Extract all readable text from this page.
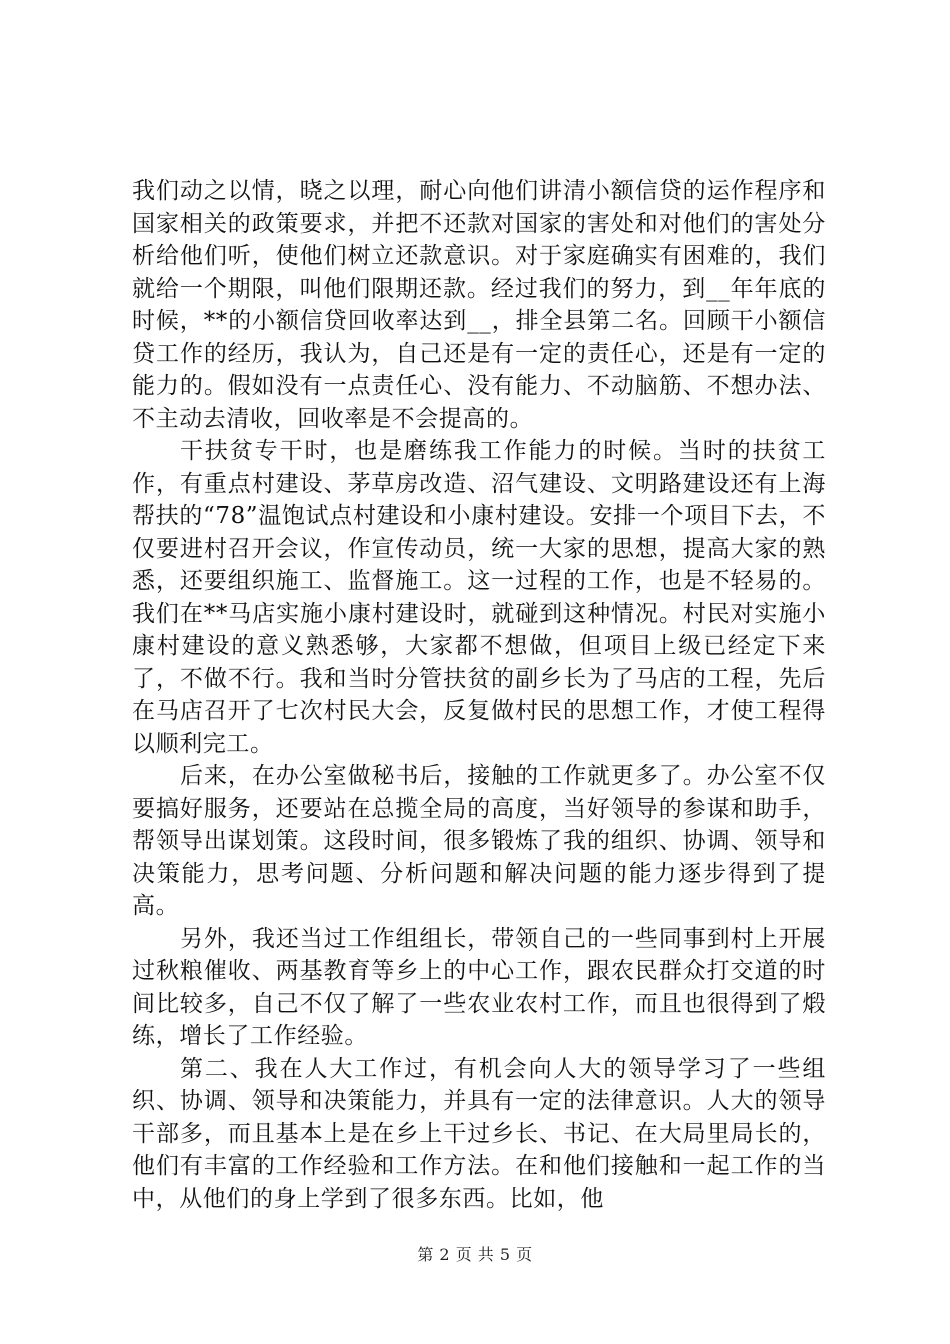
我们动之以情，晓之以理，耐心向他们讲清小额信贷的运作程序和国家相关的政策要求，并把不还款对国家的害处和对他们的害处分析给他们听，使他们树立还款意识。对于家庭确实有困难的，我们就给一个期限，叫他们限期还款。经过我们的努力，到__年年底的时候，**的小额信贷回收率达到__，排全县第二名。回顾干小额信贷工作的经历，我认为，自己还是有一定的责任心，还是有一定的能力的。假如没有一点责任心、没有能力、不动脑筋、不想办法、不主动去清收，回收率是不会提高的。

干扶贫专干时，也是磨练我工作能力的时候。当时的扶贫工作，有重点村建设、茅草房改造、沼气建设、文明路建设还有上海帮扶的“78”温饱试点村建设和小康村建设。安排一个项目下去，不仅要进村召开会议，作宣传动员，统一大家的思想，提高大家的熟悉，还要组织施工、监督施工。这一过程的工作，也是不轻易的。我们在**马店实施小康村建设时，就碰到这种情况。村民对实施小康村建设的意义熟悉够，大家都不想做，但项目上级已经定下来了，不做不行。我和当时分管扶贫的副乡长为了马店的工程，先后在马店召开了七次村民大会，反复做村民的思想工作，才使工程得以顺利完工。

后来，在办公室做秘书后，接触的工作就更多了。办公室不仅要搞好服务，还要站在总揽全局的高度，当好领导的参谋和助手，帮领导出谋划策。这段时间，很多锻炼了我的组织、协调、领导和决策能力，思考问题、分析问题和解决问题的能力逐步得到了提高。

另外，我还当过工作组组长，带领自己的一些同事到村上开展过秋粮催收、两基教育等乡上的中心工作，跟农民群众打交道的时间比较多，自己不仅了解了一些农业农村工作，而且也很得到了煅练，增长了工作经验。

第二、我在人大工作过，有机会向人大的领导学习了一些组织、协调、领导和决策能力，并具有一定的法律意识。人大的领导干部多，而且基本上是在乡上干过乡长、书记、在大局里局长的，他们有丰富的工作经验和工作方法。在和他们接触和一起工作的当中，从他们的身上学到了很多东西。比如，他

第 2 页 共 5 页
